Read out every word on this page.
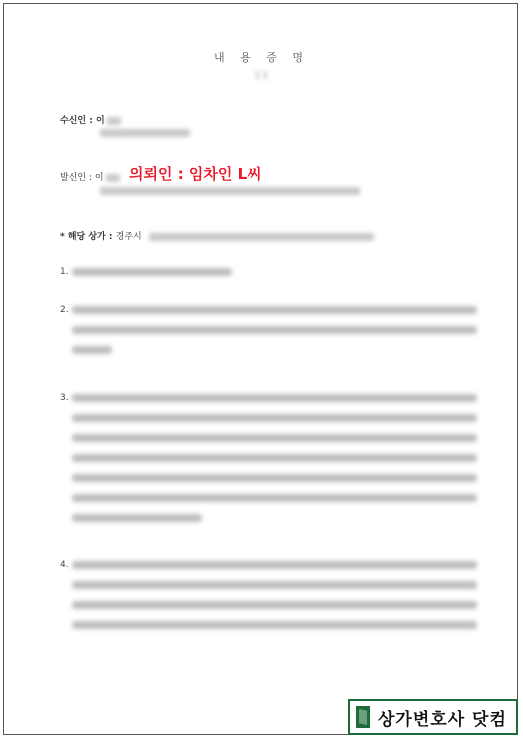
내 용 증 명
( )
수신인 : 이
발신인 : 이	의뢰인 : 임차인 L씨
* 해당 상가 : 경주시
1.
2.
3.
4.
상가변호사 닷컴
